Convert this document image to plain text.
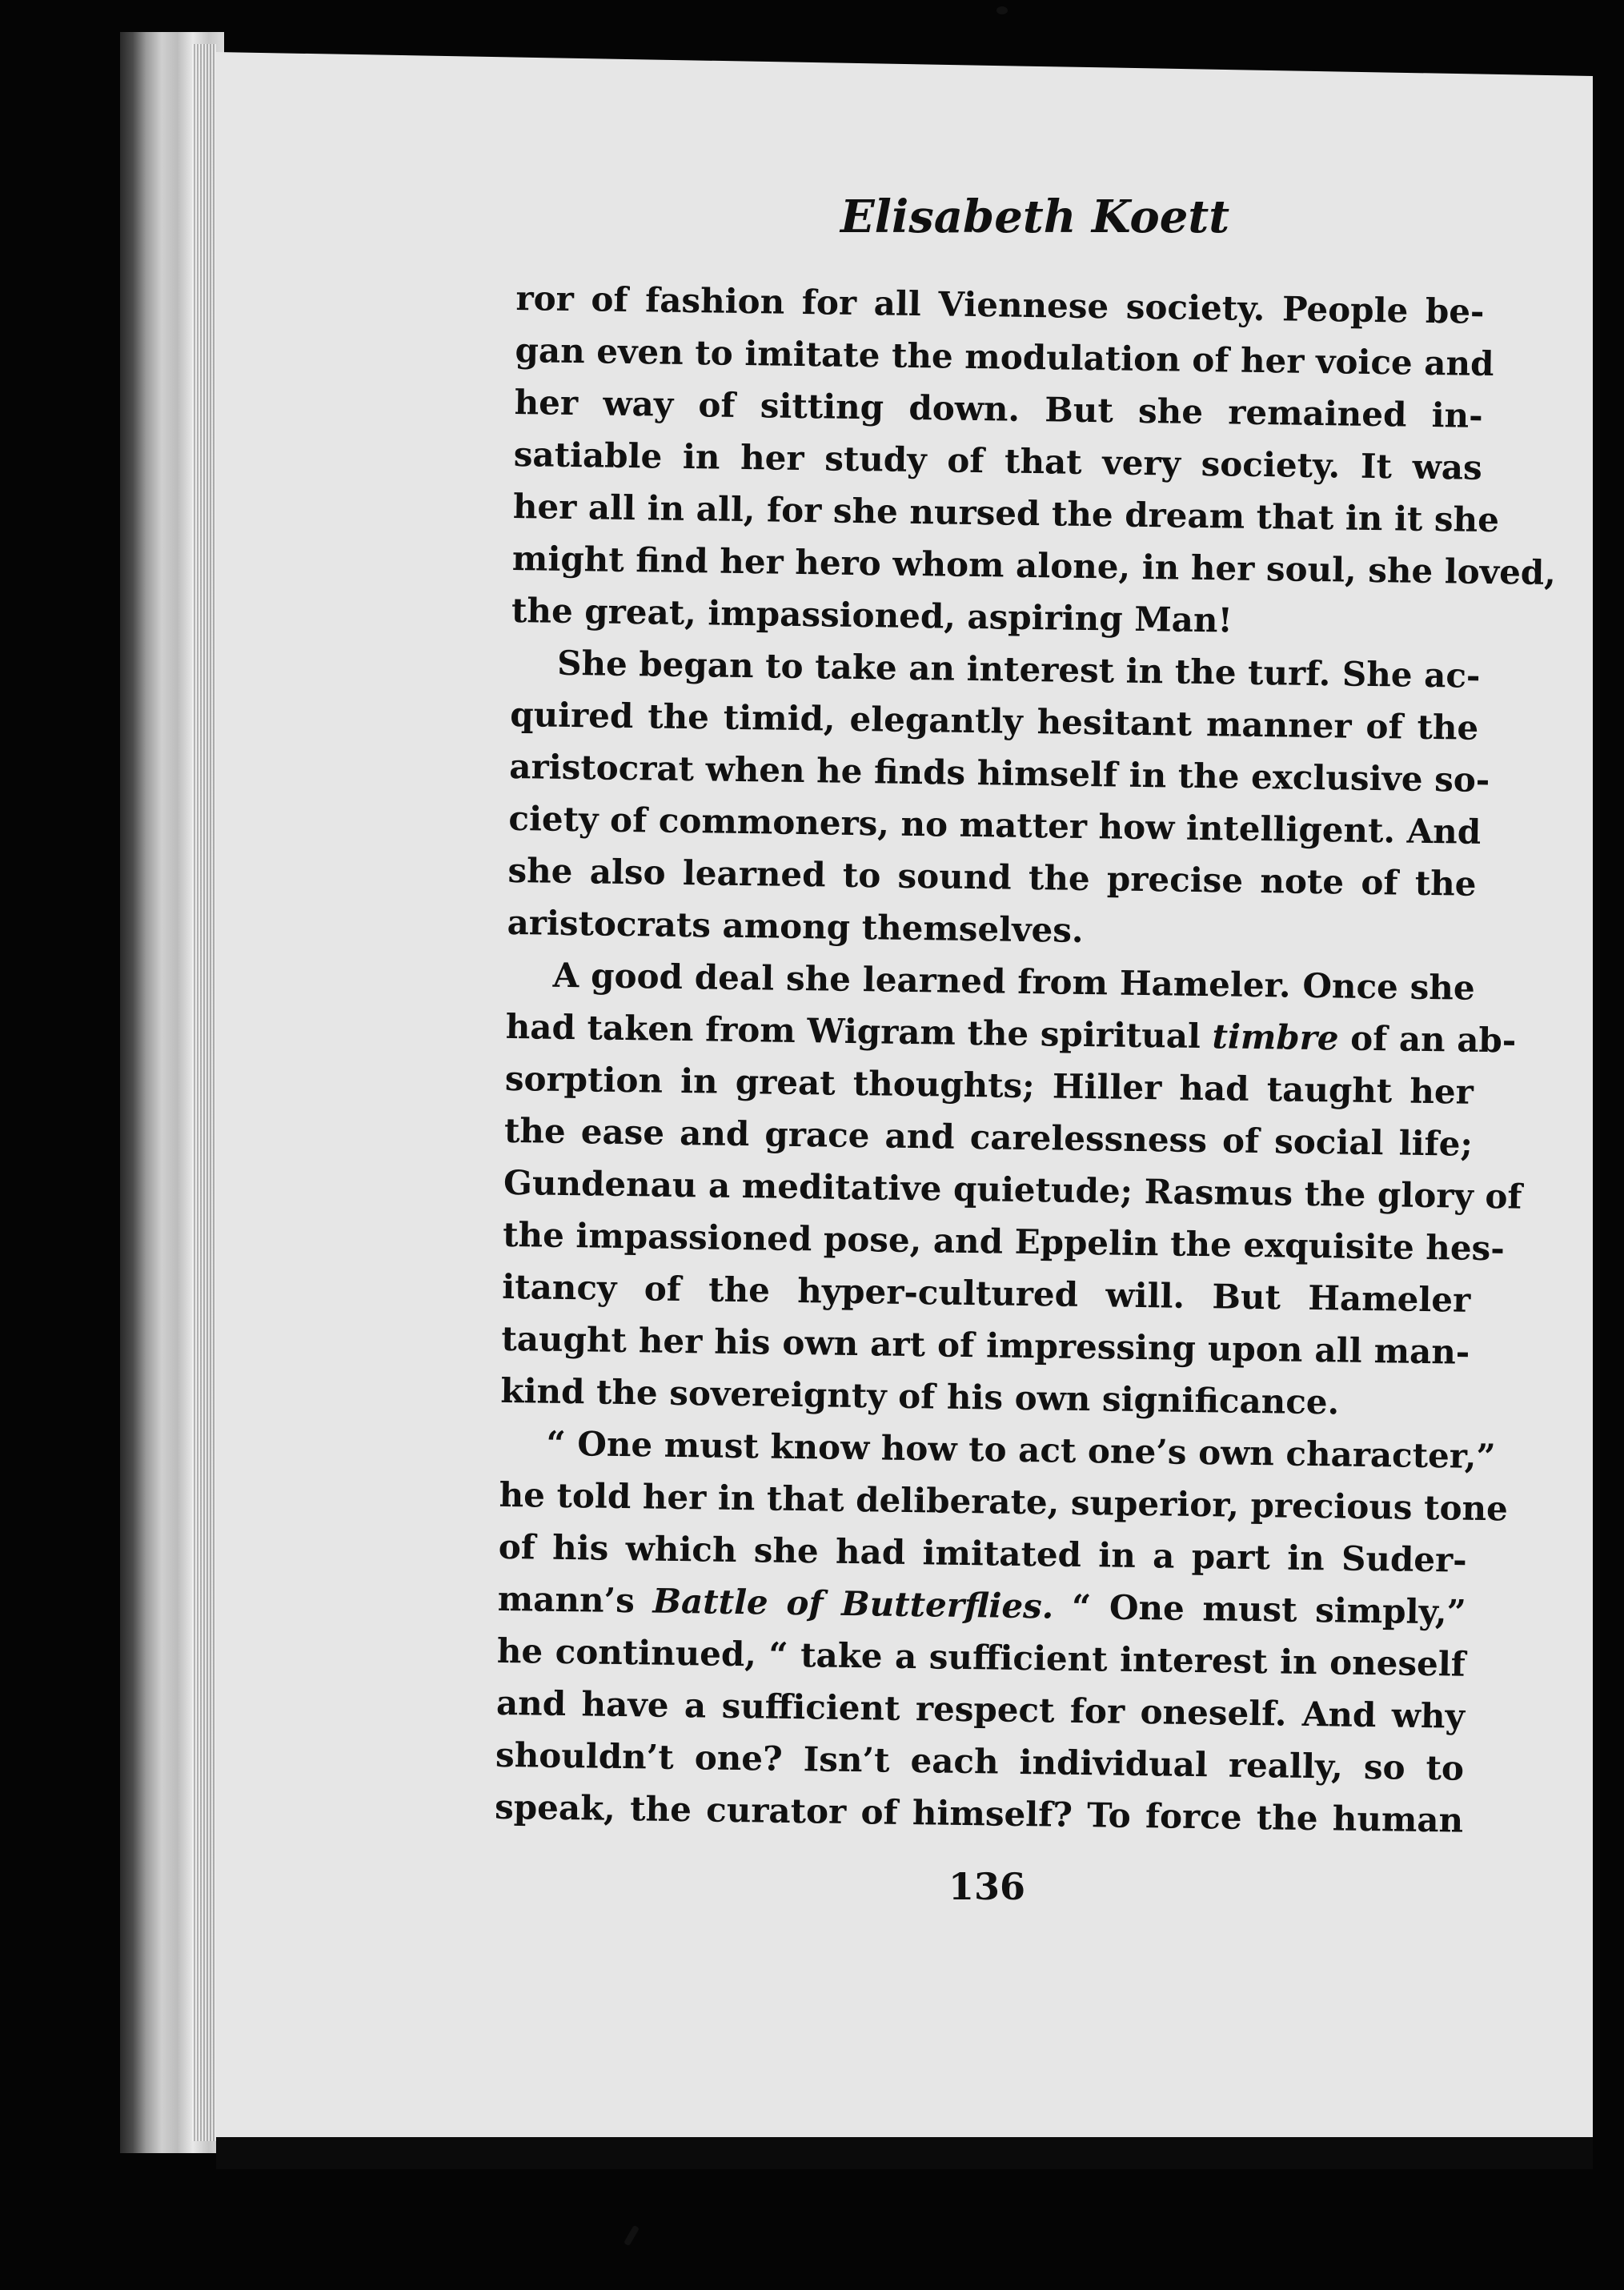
Elisabeth Koett
ror of fashion for all Viennese society. People be-
gan even to imitate the modulation of her voice and
her way of sitting down. But she remained in-
satiable in her study of that very society. It was
her all in all, for she nursed the dream that in it she
might find her hero whom alone, in her soul, she loved,
the great, impassioned, aspiring Man!
She began to take an interest in the turf. She ac-
quired the timid, elegantly hesitant manner of the
aristocrat when he finds himself in the exclusive so-
ciety of commoners, no matter how intelligent. And
she also learned to sound the precise note of the
aristocrats among themselves.
A good deal she learned from Hameler. Once she
had taken from Wigram the spiritual timbre of an ab-
sorption in great thoughts; Hiller had taught her
the ease and grace and carelessness of social life;
Gundenau a meditative quietude; Rasmus the glory of
the impassioned pose, and Eppelin the exquisite hes-
itancy of the hyper-cultured will. But Hameler
taught her his own art of impressing upon all man-
kind the sovereignty of his own significance.
“ One must know how to act one’s own character,”
he told her in that deliberate, superior, precious tone
of his which she had imitated in a part in Suder-
mann’s Battle of Butterflies. “ One must simply,”
he continued, “ take a sufficient interest in oneself
and have a sufficient respect for oneself. And why
shouldn’t one? Isn’t each individual really, so to
speak, the curator of himself? To force the human
136
